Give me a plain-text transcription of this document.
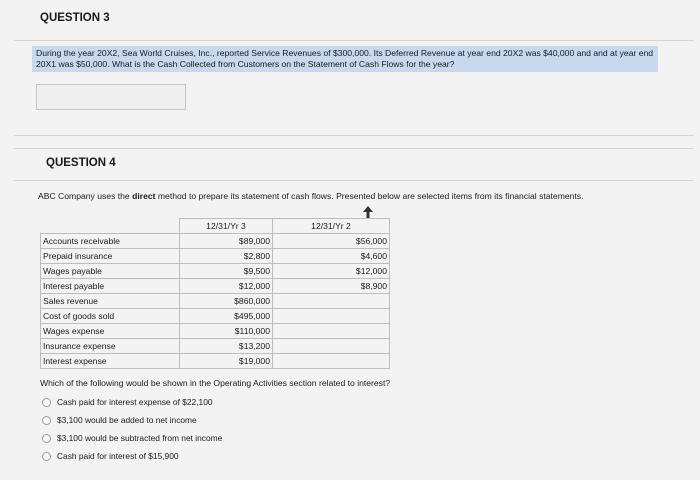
QUESTION 3
During the year 20X2, Sea World Cruises, Inc., reported Service Revenues of $300,000. Its Deferred Revenue at year end 20X2 was $40,000 and and at year end 20X1 was $50,000. What is the Cash Collected from Customers on the Statement of Cash Flows for the year?
QUESTION 4
ABC Company uses the direct method to prepare its statement of cash flows. Presented below are selected items from its financial statements.
	12/31/Yr 3	12/31/Yr 2
Accounts receivable	$89,000	$56,000
Prepaid insurance	$2,800	$4,600
Wages payable	$9,500	$12,000
Interest payable	$12,000	$8,900
Sales revenue	$860,000	
Cost of goods sold	$495,000	
Wages expense	$110,000	
Insurance expense	$13,200	
Interest expense	$19,000	
Which of the following would be shown in the Operating Activities section related to interest?
Cash paid for interest expense of $22,100
$3,100 would be added to net income
$3,100 would be subtracted from net income
Cash paid for interest of $15,900
